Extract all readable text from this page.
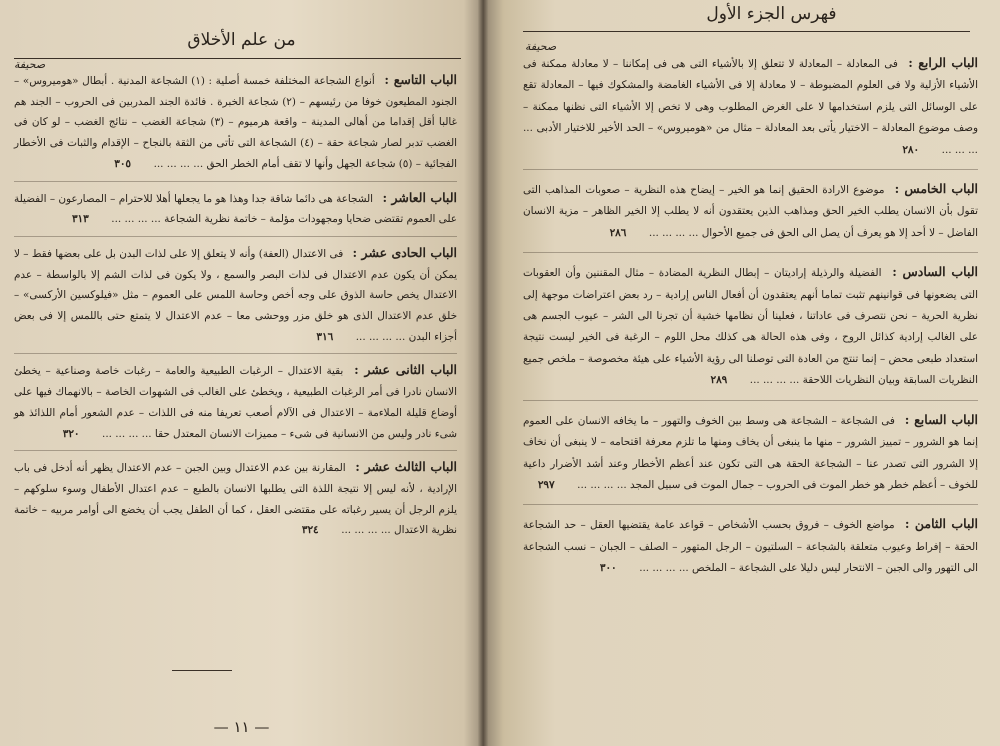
من علم الأخلاق
صحيفة
الباب التاسع : أنواع الشجاعة المختلفة خمسة أصلية : (١) الشجاعة المدنية . أبطال «هوميروس» – الجنود المطيعون خوفا من رئيسهم – (٢) شجاعة الخبرة . فائدة الجند المدربين فى الحروب – الجند هم غالبا أقل إقداما من أهالى المدينة – واقعة هرميوم – (٣) شجاعة الغضب – نتائج الغضب – لو كان فى الغضب تدبر لصار شجاعة حقة – (٤) الشجاعة التى تأتى من الثقة بالنجاح – الإقدام والثبات فى الأخطار الفجائية – (٥) شجاعة الجهل وأنها لا تقف أمام الخطر الحق ... ... ... ... ٣٠٥
الباب العاشر : الشجاعة هى دائما شاقة جدا وهذا هو ما يجعلها أهلا للاحترام – المصارعون – الفضيلة على العموم تقتضى ضحايا ومجهودات مؤلمة – خاتمة نظرية الشجاعة ... ... ... ... ٣١٣
الباب الحادى عشر : فى الاعتدال (العفة) وأنه لا يتعلق إلا على لذات البدن بل على بعضها فقط – لا يمكن أن يكون عدم الاعتدال فى لذات البصر والسمع ، ولا يكون فى لذات الشم إلا بالواسطة – عدم الاعتدال يخص حاسة الذوق على وجه أخص وحاسة اللمس على العموم – مثل «فيلوكسين الأركسى» – خلق عدم الاعتدال الذى هو خلق مزر ووحشى معا – عدم الاعتدال لا يتمتع حتى باللمس إلا فى بعض أجزاء البدن ... ... ... ... ٣١٦
الباب الثانى عشر : بقية الاعتدال – الرغبات الطبيعية والعامة – رغبات خاصة وصناعية – يخطئ الانسان نادرا فى أمر الرغبات الطبيعية ، ويخطئ على الغالب فى الشهوات الخاصة – بالانهماك فيها على أوضاع قليلة الملاءمة – الاعتدال فى الآلام أصعب تعريفا منه فى اللذات – عدم الشعور أمام اللذائذ هو شىء نادر وليس من الانسانية فى شىء – مميزات الانسان المعتدل حقا ... ... ... ... ٣٢٠
الباب الثالث عشر : المقارنة بين عدم الاعتدال وبين الجبن – عدم الاعتدال يظهر أنه أدخل فى باب الإرادية ، لأنه ليس إلا نتيجة اللذة التى يطلبها الانسان بالطبع – عدم اعتدال الأطفال وسوء سلوكهم – يلزم الرجل أن يسير رغباته على مقتضى العقل ، كما أن الطفل يجب أن يخضع الى أوامر مربيه – خاتمة نظرية الاعتدال ... ... ... ... ٣٢٤
— ١١ —
فهرس الجزء الأول
صحيفة
الباب الرابع : فى المعادلة – المعادلة لا تتعلق إلا بالأشياء التى هى فى إمكاننا – لا معادلة ممكنة فى الأشياء الأزلية ولا فى العلوم المضبوطة – لا معادلة إلا فى الأشياء الغامضة والمشكوك فيها – المعادلة تقع على الوسائل التى يلزم استخدامها لا على الغرض المطلوب وهى لا تخص إلا الأشياء التى نظنها ممكنة – وصف موضوع المعادلة – الاختيار يأتى بعد المعادلة – مثال من «هوميروس» – الحد الأخير للاختيار الأدبى ... ... ... ... ٢٨٠
الباب الخامس : موضوع الارادة الحقيق إنما هو الخير – إيضاح هذه النظرية – صعوبات المذاهب التى تقول بأن الانسان يطلب الخير الحق ومذاهب الذين يعتقدون أنه لا يطلب إلا الخير الظاهر – مزية الانسان الفاضل – لا أحد إلا هو يعرف أن يصل الى الحق فى جميع الأحوال ... ... ... ... ٢٨٦
الباب السادس : الفضيلة والرذيلة إراديتان – إبطال النظرية المضادة – مثال المقننين وأن العقوبات التى يضعونها فى قوانينهم تثبت تماما أنهم يعتقدون أن أفعال الناس إرادية – رد بعض اعتراضات موجهة إلى نظرية الحرية – نحن نتصرف فى عاداتنا ، فعلينا أن نظامها خشية أن تجرنا الى الشر – عيوب الجسم هى على الغالب إرادية كذائل الروح ، وفى هذه الحالة هى كذلك محل اللوم – الرغبة فى الخير ليست نتيجة استعداد طبعى محض – إنما تنتج من العادة التى توصلنا الى رؤية الأشياء على هيئة مخصوصة – ملخص جميع النظريات السابقة وبيان النظريات اللاحقة ... ... ... ... ٢٨٩
الباب السابع : فى الشجاعة – الشجاعة هى وسط بين الخوف والتهور – ما يخافه الانسان على العموم إنما هو الشرور – تمييز الشرور – منها ما ينبغى أن يخاف ومنها ما تلزم معرفة اقتحامه – لا ينبغى أن نخاف إلا الشرور التى تصدر عنا – الشجاعة الحقة هى التى تكون عند أعظم الأخطار وعند أشد الأضرار داعية للخوف – أعظم خطر هو خطر الموت فى الحروب – جمال الموت فى سبيل المجد ... ... ... ... ٢٩٧
الباب الثامن : مواضع الخوف – فروق بحسب الأشخاص – قواعد عامة يقتضيها العقل – حد الشجاعة الحقة – إفراط وعيوب متعلقة بالشجاعة – السلتيون – الرجل المتهور – الصلف – الجبان – نسب الشجاعة الى التهور والى الجبن – الانتحار ليس دليلا على الشجاعة – الملخص ... ... ... ... ٣٠٠
